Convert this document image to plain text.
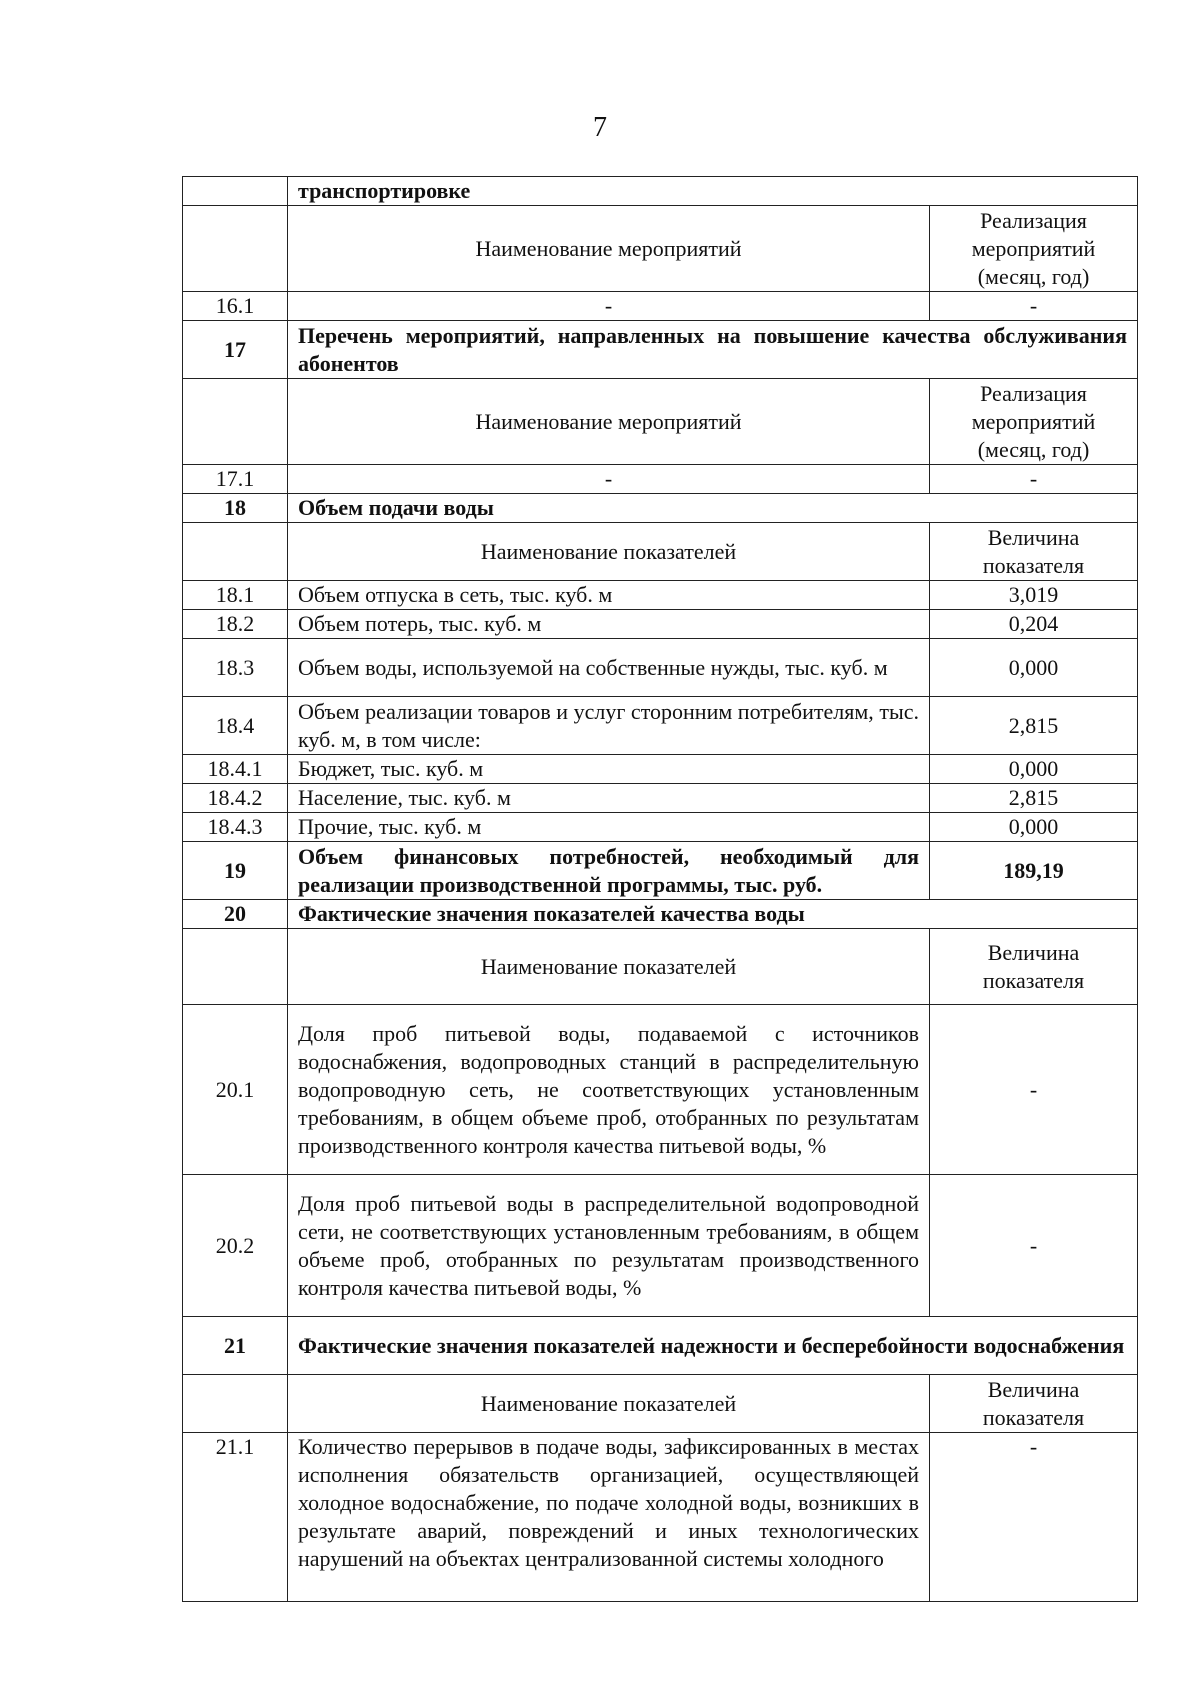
7
	транспортировке	
	Наименование мероприятий	Реализация мероприятий (месяц, год)
16.1	-	-
17	Перечень мероприятий, направленных на повышение качества обслуживания абонентов	
	Наименование мероприятий	Реализация мероприятий (месяц, год)
17.1	-	-
18	Объем подачи воды	
	Наименование показателей	Величина показателя
18.1	Объем отпуска в сеть, тыс. куб. м	3,019
18.2	Объем потерь, тыс. куб. м	0,204
18.3	Объем воды, используемой на собственные нужды, тыс. куб. м	0,000
18.4	Объем реализации товаров и услуг сторонним потребителям, тыс. куб. м, в том числе:	2,815
18.4.1	Бюджет, тыс. куб. м	0,000
18.4.2	Население, тыс. куб. м	2,815
18.4.3	Прочие, тыс. куб. м	0,000
19	Объем финансовых потребностей, необходимый для реализации производственной программы, тыс. руб.	189,19
20	Фактические значения показателей качества воды	
	Наименование показателей	Величина показателя
20.1	Доля проб питьевой воды, подаваемой с источников водоснабжения, водопроводных станций в распределительную водопроводную сеть, не соответствующих установленным требованиям, в общем объеме проб, отобранных по результатам производственного контроля качества питьевой воды, %	-
20.2	Доля проб питьевой воды в распределительной водопроводной сети, не соответствующих установленным требованиям, в общем объеме проб, отобранных по результатам производственного контроля качества питьевой воды, %	-
21	Фактические значения показателей надежности и бесперебойности водоснабжения	
	Наименование показателей	Величина показателя
21.1	Количество перерывов в подаче воды, зафиксированных в местах исполнения обязательств организацией, осуществляющей холодное водоснабжение, по подаче холодной воды, возникших в результате аварий, повреждений и иных технологических нарушений на объектах централизованной системы холодного	-
